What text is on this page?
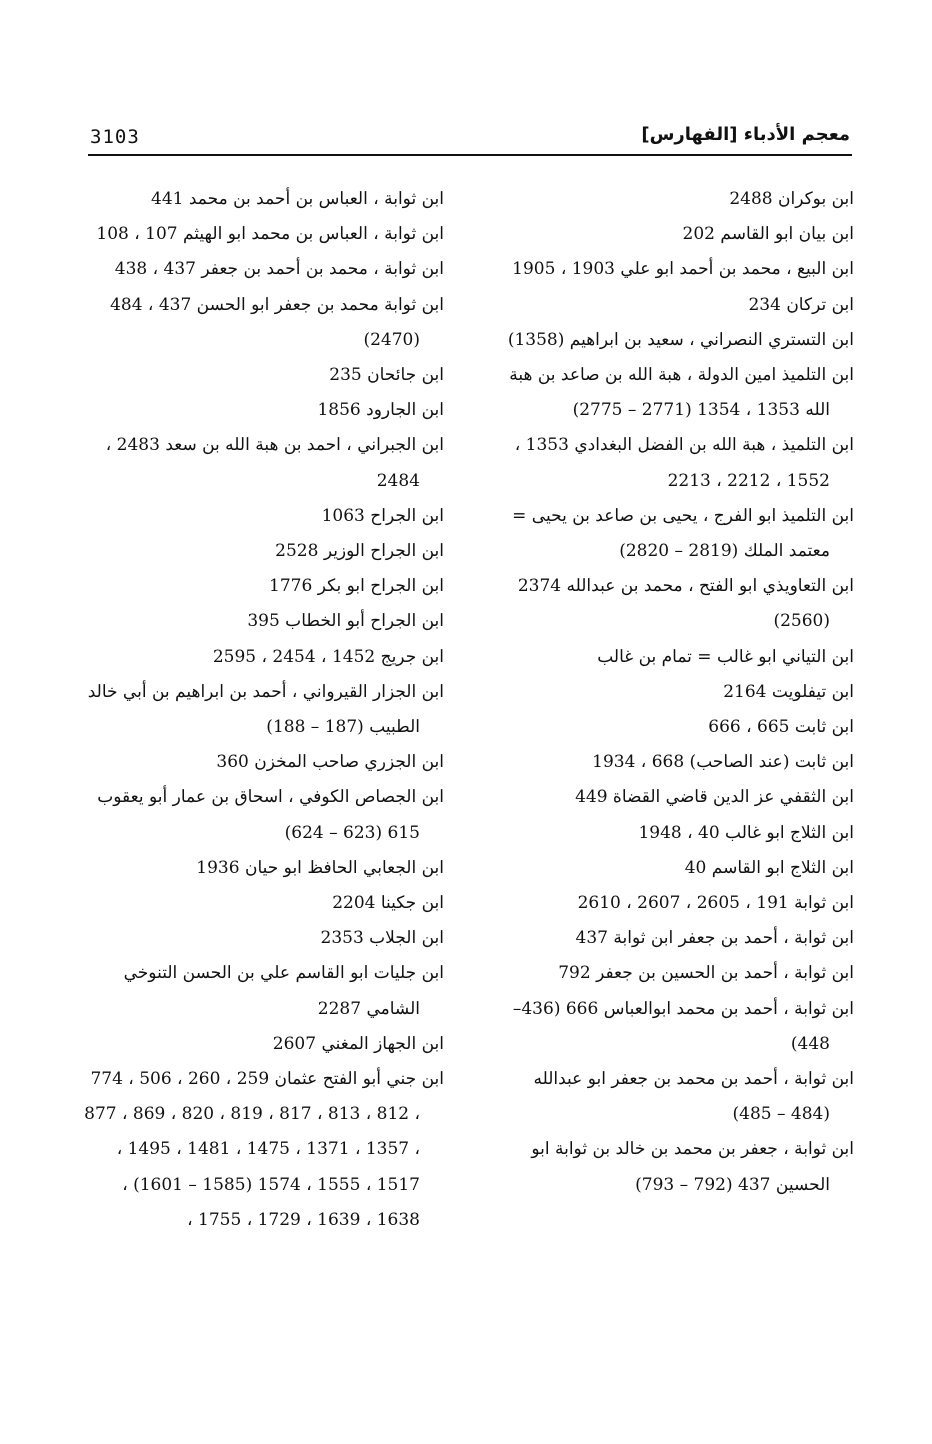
3103	معجم الأدباء [الفهارس]

ابن بوكران 2488

ابن بيان ابو القاسم 202

ابن البيع ، محمد بن أحمد ابو علي 1903 ، 1905

ابن تركان 234

ابن التستري النصراني ، سعيد بن ابراهيم (1358)

ابن التلميذ امين الدولة ، هبة الله بن صاعد بن هبة الله 1353 ، 1354 (2771 – 2775)

ابن التلميذ ، هبة الله بن الفضل البغدادي 1353 ، 1552 ، 2212 ، 2213

ابن التلميذ ابو الفرج ، يحيى بن صاعد بن يحيى = معتمد الملك (2819 – 2820)

ابن التعاويذي ابو الفتح ، محمد بن عبدالله 2374 (2560)

ابن التياني ابو غالب = تمام بن غالب

ابن تيفلويت 2164

ابن ثابت 665 ، 666

ابن ثابت (عند الصاحب) 668 ، 1934

ابن الثقفي عز الدين قاضي القضاة 449

ابن الثلاج ابو غالب 40 ، 1948

ابن الثلاج ابو القاسم 40

ابن ثوابة 191 ، 2605 ، 2607 ، 2610

ابن ثوابة ، أحمد بن جعفر ابن ثوابة 437

ابن ثوابة ، أحمد بن الحسين بن جعفر 792

ابن ثوابة ، أحمد بن محمد ابوالعباس 666 (436–448)

ابن ثوابة ، أحمد بن محمد بن جعفر ابو عبدالله (484 – 485)

ابن ثوابة ، جعفر بن محمد بن خالد بن ثوابة ابو الحسين 437 (792 – 793)

ابن ثوابة ، العباس بن أحمد بن محمد 441

ابن ثوابة ، العباس بن محمد ابو الهيثم 107 ، 108

ابن ثوابة ، محمد بن أحمد بن جعفر 437 ، 438

ابن ثوابة محمد بن جعفر ابو الحسن 437 ، 484 (2470)

ابن جائحان 235

ابن الجارود 1856

ابن الجبراني ، احمد بن هبة الله بن سعد 2483 ، 2484

ابن الجراح 1063

ابن الجراح الوزير 2528

ابن الجراح ابو بكر 1776

ابن الجراح أبو الخطاب 395

ابن جريج 1452 ، 2454 ، 2595

ابن الجزار القيرواني ، أحمد بن ابراهيم بن أبي خالد الطبيب (187 – 188)

ابن الجزري صاحب المخزن 360

ابن الجصاص الكوفي ، اسحاق بن عمار أبو يعقوب 615 (623 – 624)

ابن الجعابي الحافظ ابو حيان 1936

ابن جكينا 2204

ابن الجلاب 2353

ابن جليات ابو القاسم علي بن الحسن التنوخي الشامي 2287

ابن الجهاز المغني 2607

ابن جني أبو الفتح عثمان 259 ، 260 ، 506 ، 774 ، 812 ، 813 ، 817 ، 819 ، 820 ، 869 ، 877 ، 1357 ، 1371 ، 1475 ، 1481 ، 1495 ، 1517 ، 1555 ، 1574 (1585 – 1601) ، 1638 ، 1639 ، 1729 ، 1755 ،
